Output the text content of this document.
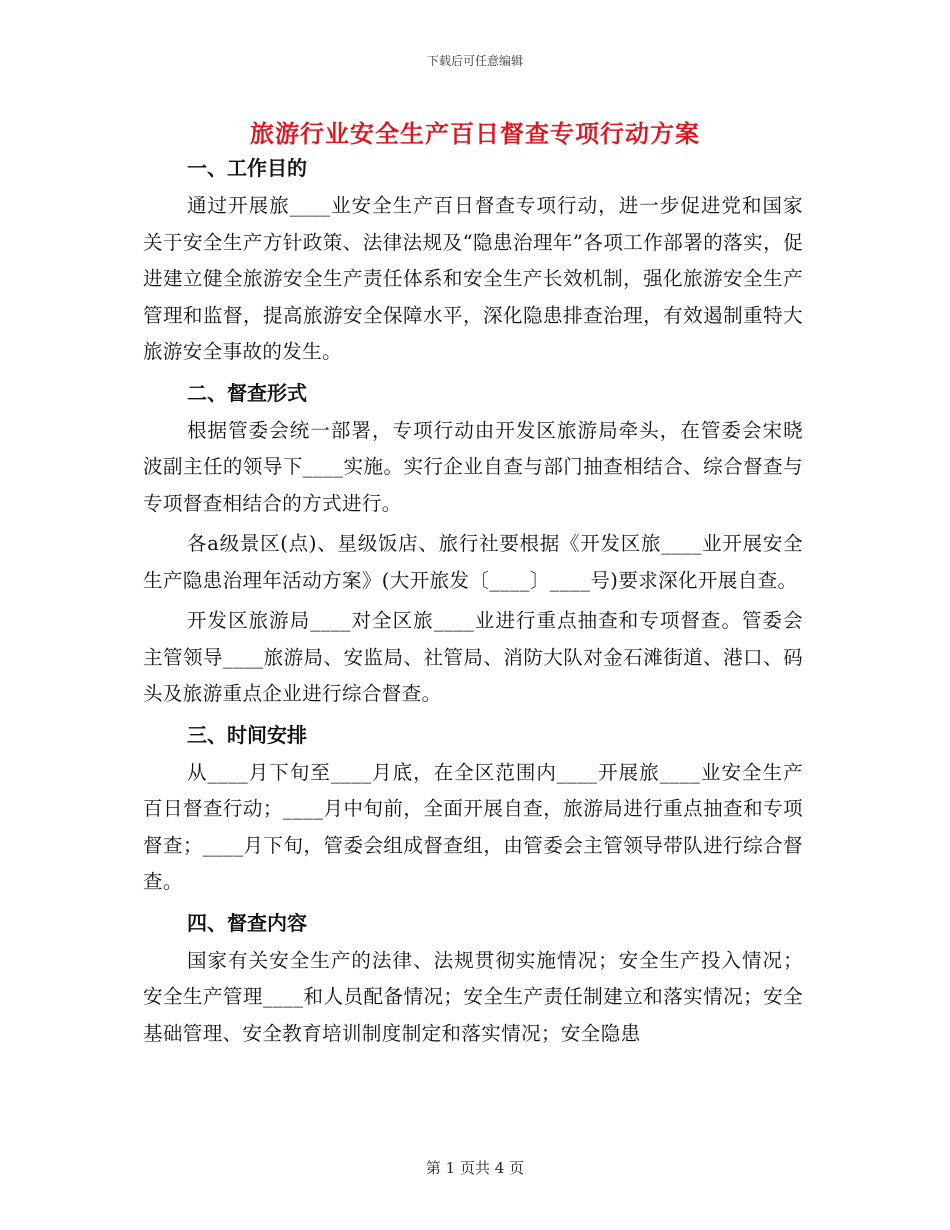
下载后可任意编辑
旅游行业安全生产百日督查专项行动方案
一、工作目的

通过开展旅____业安全生产百日督查专项行动，进一步促进党和国家关于安全生产方针政策、法律法规及“隐患治理年”各项工作部署的落实，促进建立健全旅游安全生产责任体系和安全生产长效机制，强化旅游安全生产管理和监督，提高旅游安全保障水平，深化隐患排查治理，有效遏制重特大旅游安全事故的发生。

二、督查形式

根据管委会统一部署，专项行动由开发区旅游局牵头，在管委会宋晓波副主任的领导下____实施。实行企业自查与部门抽查相结合、综合督查与专项督查相结合的方式进行。

各a级景区(点)、星级饭店、旅行社要根据《开发区旅____业开展安全生产隐患治理年活动方案》(大开旅发〔____〕____号)要求深化开展自查。

开发区旅游局____对全区旅____业进行重点抽查和专项督查。管委会主管领导____旅游局、安监局、社管局、消防大队对金石滩街道、港口、码头及旅游重点企业进行综合督查。

三、时间安排

从____月下旬至____月底，在全区范围内____开展旅____业安全生产百日督查行动；____月中旬前，全面开展自查，旅游局进行重点抽查和专项督查；____月下旬，管委会组成督查组，由管委会主管领导带队进行综合督查。

四、督查内容

国家有关安全生产的法律、法规贯彻实施情况；安全生产投入情况；安全生产管理____和人员配备情况；安全生产责任制建立和落实情况；安全基础管理、安全教育培训制度制定和落实情况；安全隐患

第 1 页共 4 页
